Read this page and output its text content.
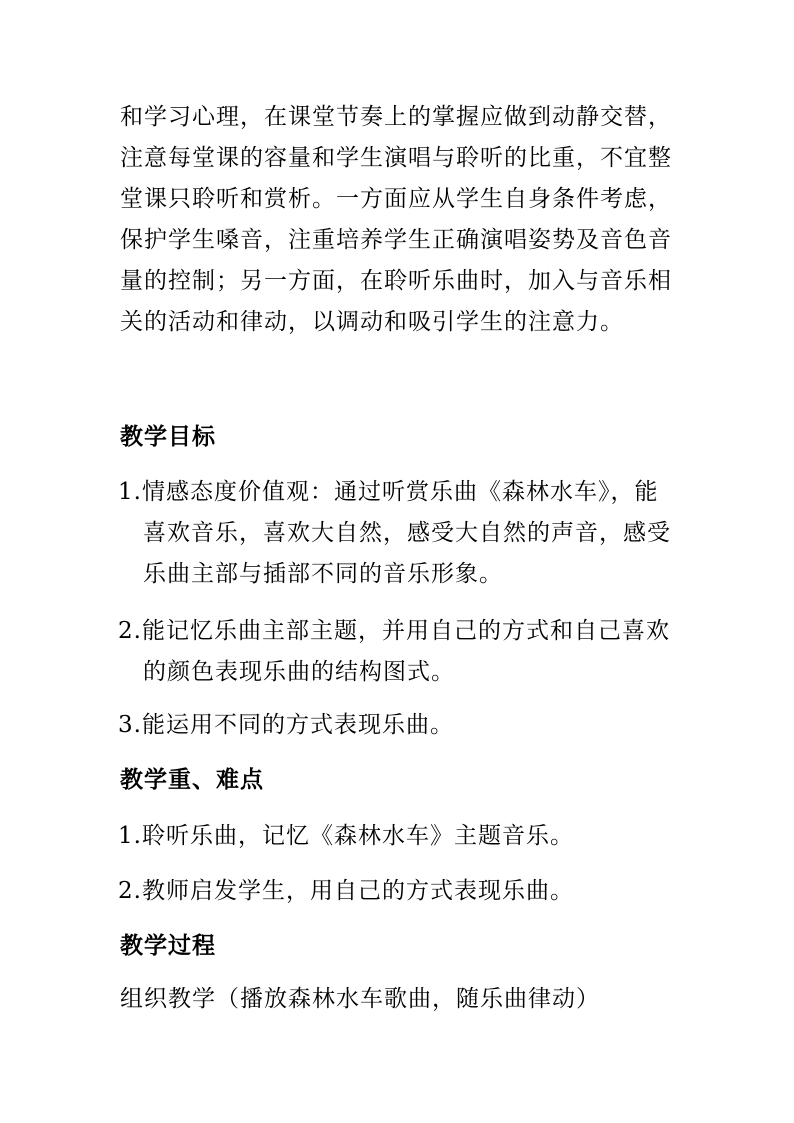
和学习心理，在课堂节奏上的掌握应做到动静交替，
注意每堂课的容量和学生演唱与聆听的比重，不宜整
堂课只聆听和赏析。一方面应从学生自身条件考虑，
保护学生嗓音，注重培养学生正确演唱姿势及音色音
量的控制；另一方面，在聆听乐曲时，加入与音乐相
关的活动和律动，以调动和吸引学生的注意力。
教学目标
1.情感态度价值观：通过听赏乐曲《森林水车》，能
喜欢音乐，喜欢大自然，感受大自然的声音，感受
乐曲主部与插部不同的音乐形象。
2.能记忆乐曲主部主题，并用自己的方式和自己喜欢
的颜色表现乐曲的结构图式。
3.能运用不同的方式表现乐曲。
教学重、难点
1.聆听乐曲，记忆《森林水车》主题音乐。
2.教师启发学生，用自己的方式表现乐曲。
教学过程
组织教学（播放森林水车歌曲，随乐曲律动）
